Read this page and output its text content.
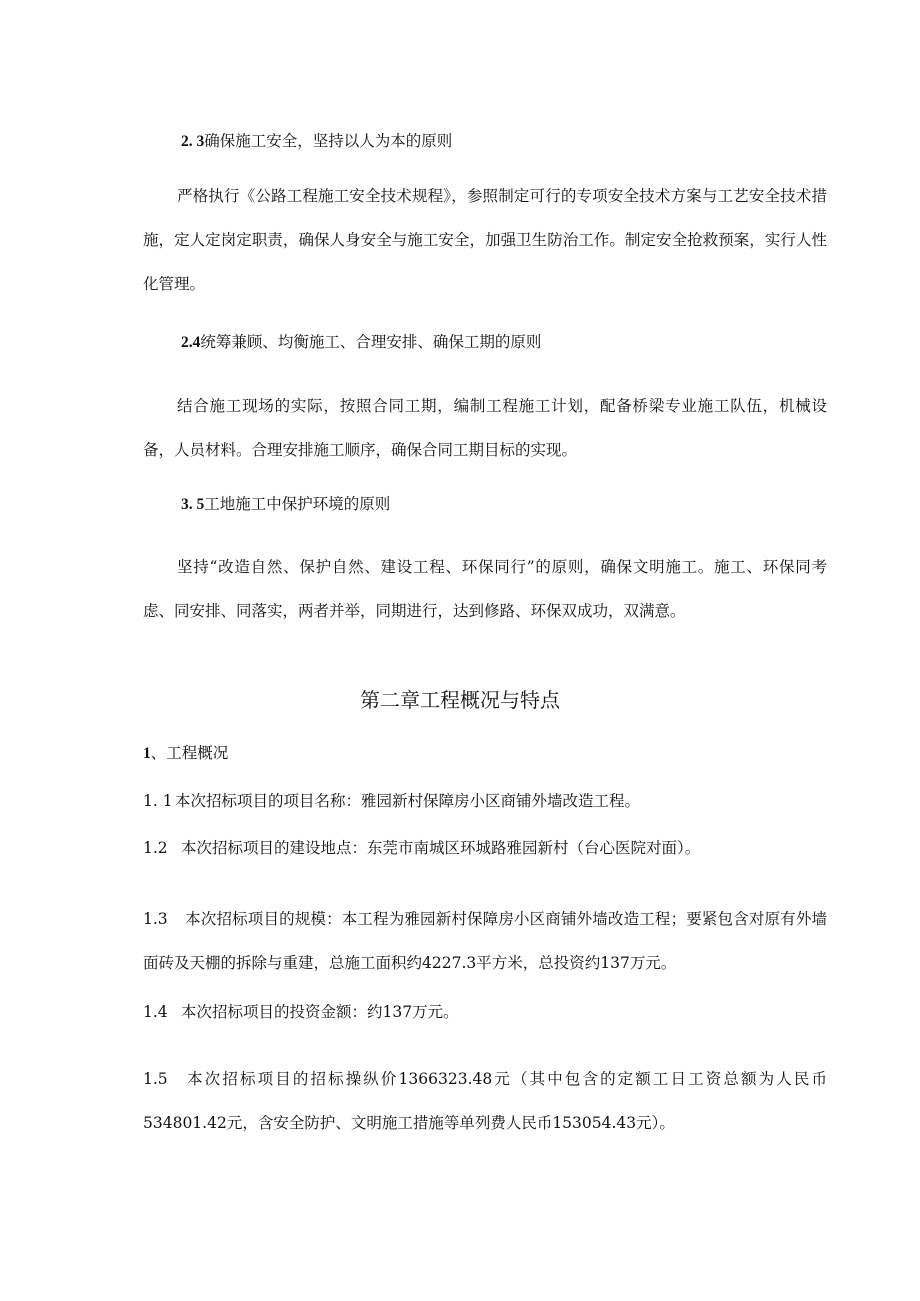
2. 3确保施工安全，坚持以人为本的原则

严格执行《公路工程施工安全技术规程》，参照制定可行的专项安全技术方案与工艺安全技术措施，定人定岗定职责，确保人身安全与施工安全，加强卫生防治工作。制定安全抢救预案，实行人性化管理。

2.4统筹兼顾、均衡施工、合理安排、确保工期的原则

结合施工现场的实际，按照合同工期，编制工程施工计划，配备桥梁专业施工队伍，机械设备，人员材料。合理安排施工顺序，确保合同工期目标的实现。

3. 5工地施工中保护环境的原则

坚持“改造自然、保护自然、建设工程、环保同行”的原则，确保文明施工。施工、环保同考虑、同安排、同落实，两者并举，同期进行，达到修路、环保双成功，双满意。

第二章工程概况与特点

1、工程概况

1. 1 本次招标项目的项目名称：雅园新村保障房小区商铺外墙改造工程。

1.2 本次招标项目的建设地点：东莞市南城区环城路雅园新村（台心医院对面）。

1.3 本次招标项目的规模：本工程为雅园新村保障房小区商铺外墙改造工程；要紧包含对原有外墙面砖及天棚的拆除与重建，总施工面积约4227.3平方米，总投资约137万元。

1.4 本次招标项目的投资金额：约137万元。

1.5 本次招标项目的招标操纵价1366323.48元（其中包含的定额工日工资总额为人民币534801.42元，含安全防护、文明施工措施等单列费人民币153054.43元）。
